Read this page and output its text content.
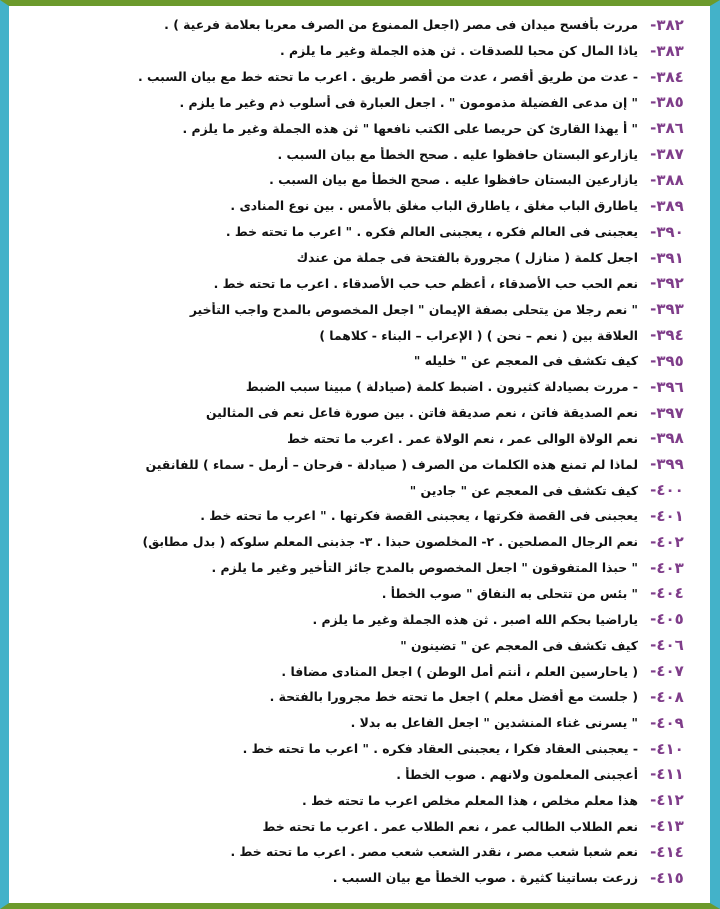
-٣٨٢
مررت بأفسح ميدان فى مصر (اجعل الممنوع من الصرف معربا بعلامة فرعية ) .
-٣٨٣
ياذا المال كن محبا للصدقات . ثن هذه الجملة وغير ما يلزم .
-٣٨٤
- عدت من طريق أقصر ، عدت من أقصر طريق . اعرب ما تحته خط مع بيان السبب .
-٣٨٥
" إن مدعى الفضيلة مذمومون " . اجعل العبارة فى أسلوب ذم وغير ما يلزم .
-٣٨٦
" أ يهذا القارئ كن حريصا على الكتب نافعها " ثن هذه الجملة وغير ما يلزم .
-٣٨٧
يازارعو البستان حافظوا عليه . صحح الخطأ مع بيان السبب .
-٣٨٨
يازارعين البستان حافظوا عليه . صحح الخطأ مع بيان السبب .
-٣٨٩
ياطارق الباب مغلق ، ياطارق الباب مغلق بالأمس . بين نوع المنادى .
-٣٩٠
يعجبنى فى العالم فكره ، يعجبنى العالم فكره . " اعرب ما تحته خط .
-٣٩١
اجعل كلمة ( منازل ) مجرورة بالفتحة فى جملة من عندك
-٣٩٢
نعم الحب حب الأصدقاء ، أعظم حب حب الأصدقاء . اعرب ما تحته خط .
-٣٩٣
" نعم رجلا من يتحلى بصفة الإيمان " اجعل المخصوص بالمدح واجب التأخير
-٣٩٤
العلاقة بين ( نعم – نحن ) ( الإعراب – البناء - كلاهما )
-٣٩٥
كيف تكشف فى المعجم عن " خليله "
-٣٩٦
- مررت بصيادلة كثيرون . اضبط كلمة (صيادلة ) مبينا سبب الضبط
-٣٩٧
نعم الصديقة فاتن ، نعم صديقة فاتن . بين صورة فاعل نعم فى المثالين
-٣٩٨
نعم الولاة الوالى عمر ، نعم الولاة عمر . اعرب ما تحته خط
-٣٩٩
لماذا لم تمنع هذه الكلمات من الصرف ( صيادلة - فرحان – أرمل - سماء ) للفانقين
-٤٠٠
كيف تكشف فى المعجم عن " جادين "
-٤٠١
يعجبنى فى القصة فكرتها ، يعجبنى القصة فكرتها . " اعرب ما تحته خط .
-٤٠٢
نعم الرجال المصلحين . ٢- المخلصون حبذا . ٣- جذبنى المعلم سلوكه ( بدل مطابق)
-٤٠٣
" حبذا المتفوقون " اجعل المخصوص بالمدح جائز التأخير وغير ما يلزم .
-٤٠٤
" بئس من تتحلى به النفاق " صوب الخطأ .
-٤٠٥
ياراضيا بحكم الله اصبر . ثن هذه الجملة وغير ما يلزم .
-٤٠٦
كيف تكشف فى المعجم عن " تضينون "
-٤٠٧
( ياحارسين العلم ، أنتم أمل الوطن ) اجعل المنادى مضافا .
-٤٠٨
( جلست مع أفضل معلم ) اجعل ما تحته خط مجرورا بالفتحة .
-٤٠٩
" يسرنى غناء المنشدين " اجعل الفاعل به بدلا .
-٤١٠
- يعجبنى العقاد فكرا ، يعجبنى العقاد فكره . " اعرب ما تحته خط .
-٤١١
أعجبنى المعلمون ولانهم . صوب الخطأ .
-٤١٢
هذا معلم مخلص ، هذا المعلم مخلص اعرب ما تحته خط .
-٤١٣
نعم الطلاب الطالب عمر ، نعم الطلاب عمر . اعرب ما تحته خط
-٤١٤
نعم شعبا شعب مصر ، نقدر الشعب شعب مصر . اعرب ما تحته خط .
-٤١٥
زرعت بساتينا كثيرة . صوب الخطأ مع بيان السبب .
